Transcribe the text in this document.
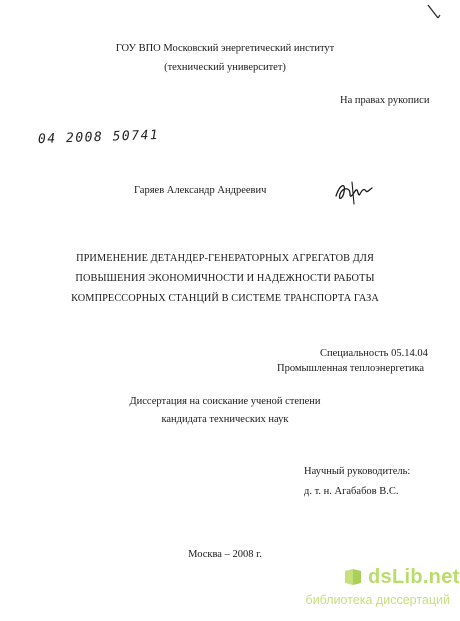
ГОУ ВПО Московский энергетический институт
(технический университет)
На правах рукописи
04 2008 50741
Гаряев Александр Андреевич
ПРИМЕНЕНИЕ ДЕТАНДЕР-ГЕНЕРАТОРНЫХ АГРЕГАТОВ ДЛЯ
ПОВЫШЕНИЯ ЭКОНОМИЧНОСТИ И НАДЕЖНОСТИ РАБОТЫ
КОМПРЕССОРНЫХ СТАНЦИЙ В СИСТЕМЕ ТРАНСПОРТА ГАЗА
Специальность 05.14.04
Промышленная теплоэнергетика
Диссертация на соискание ученой степени
кандидата технических наук
Научный руководитель:
д. т. н. Агабабов В.С.
Москва – 2008 г.
dsLib.net
библиотека диссертаций
